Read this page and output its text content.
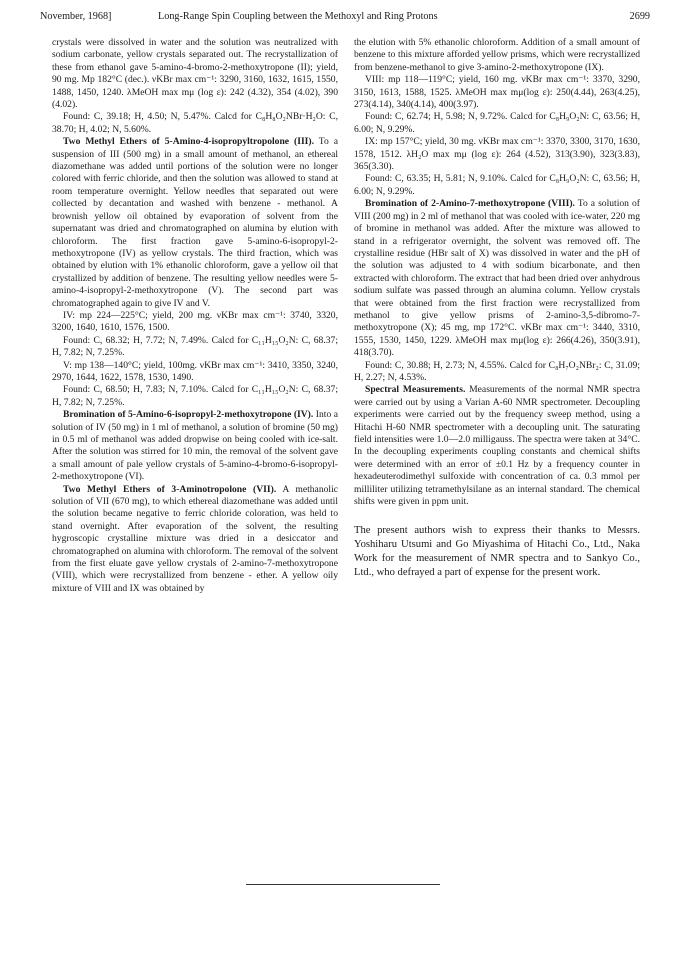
November, 1968]	Long-Range Spin Coupling between the Methoxyl and Ring Protons	2699

crystals were dissolved in water and the solution was neutralized with sodium carbonate, yellow crystals separated out. The recrystallization of these from ethanol gave 5-amino-4-bromo-2-methoxytropone (II); yield, 90 mg. Mp 182°C (dec.). νKBr max cm⁻¹: 3290, 3160, 1632, 1615, 1550, 1488, 1450, 1240. λMeOH max mμ (log ε): 242 (4.32), 354 (4.02), 390 (4.02).

Found: C, 39.18; H, 4.50; N, 5.47%. Calcd for C₈H₈O₂NBr·H₂O: C, 38.70; H, 4.02; N, 5.60%.

Two Methyl Ethers of 5-Amino-4-isopropyltropolone (III). To a suspension of III (500 mg) in a small amount of methanol, an ethereal diazomethane was added until portions of the solution were no longer colored with ferric chloride, and then the solution was allowed to stand at room temperature overnight. Yellow needles that separated out were collected by decantation and washed with benzene - methanol. A brownish yellow oil obtained by evaporation of solvent from the supernatant was dried and chromatographed on alumina by elution with chloroform. The first fraction gave 5-amino-6-isopropyl-2-methoxytropone (IV) as yellow crystals. The third fraction, which was obtained by elution with 1% ethanolic chloroform, gave a yellow oil that crystallized by addition of benzene. The resulting yellow needles were 5-amino-4-isopropyl-2-methoxytropone (V). The second part was chromatographed again to give IV and V.

IV: mp 224—225°C; yield, 200 mg. νKBr max cm⁻¹: 3740, 3320, 3200, 1640, 1610, 1576, 1500.

Found: C, 68.32; H, 7.72; N, 7.49%. Calcd for C₁₁H₁₅O₂N: C, 68.37; H, 7.82; N, 7.25%.

V: mp 138—140°C; yield, 100mg. νKBr max cm⁻¹: 3410, 3350, 3240, 2970, 1644, 1622, 1578, 1530, 1490.

Found: C, 68.50; H, 7.83; N, 7.10%. Calcd for C₁₁H₁₅O₂N: C, 68.37; H, 7.82; N, 7.25%.

Bromination of 5-Amino-6-isopropyl-2-methoxytropone (IV). Into a solution of IV (50 mg) in 1 ml of methanol, a solution of bromine (50 mg) in 0.5 ml of methanol was added dropwise on being cooled with ice-salt. After the solution was stirred for 10 min, the removal of the solvent gave a small amount of pale yellow crystals of 5-amino-4-bromo-6-isopropyl-2-methoxytropone (VI).

Two Methyl Ethers of 3-Aminotropolone (VII). A methanolic solution of VII (670 mg), to which ethereal diazomethane was added until the solution became negative to ferric chloride coloration, was held to stand overnight. After evaporation of the solvent, the resulting hygroscopic crystalline mixture was dried in a desiccator and chromatographed on alumina with chloroform. The removal of the solvent from the first eluate gave yellow crystals of 2-amino-7-methoxytropone (VIII), which were recrystallized from benzene - ether. A yellow oily mixture of VIII and IX was obtained by

the elution with 5% ethanolic chloroform. Addition of a small amount of benzene to this mixture afforded yellow prisms, which were recrystallized from benzene-methanol to give 3-amino-2-methoxytropone (IX).

VIII: mp 118—119°C; yield, 160 mg. νKBr max cm⁻¹: 3370, 3290, 3150, 1613, 1588, 1525. λMeOH max mμ(log ε): 250(4.44), 263(4.25), 273(4.14), 340(4.14), 400(3.97).

Found: C, 62.74; H, 5.98; N, 9.72%. Calcd for C₈H₉O₂N: C, 63.56; H, 6.00; N, 9.29%.

IX: mp 157°C; yield, 30 mg. νKBr max cm⁻¹: 3370, 3300, 3170, 1630, 1578, 1512. λH₂O max mμ (log ε): 264 (4.52), 313(3.90), 323(3.83), 365(3.30).

Found: C, 63.35; H, 5.81; N, 9.10%. Calcd for C₈H₉O₂N: C, 63.56; H, 6.00; N, 9.29%.

Bromination of 2-Amino-7-methoxytropone (VIII). To a solution of VIII (200 mg) in 2 ml of methanol that was cooled with ice-water, 220 mg of bromine in methanol was added. After the mixture was allowed to stand in a refrigerator overnight, the solvent was removed off. The crystalline residue (HBr salt of X) was dissolved in water and the pH of the solution was adjusted to 4 with sodium bicarbonate, and then extracted with chloroform. The extract that had been dried over anhydrous sodium sulfate was passed through an alumina column. Yellow crystals that were obtained from the first fraction were recrystallized from methanol to give yellow prisms of 2-amino-3,5-dibromo-7-methoxytropone (X); 45 mg, mp 172°C. νKBr max cm⁻¹: 3440, 3310, 1555, 1530, 1450, 1229. λMeOH max mμ(log ε): 266(4.26), 350(3.91), 418(3.70).

Found: C, 30.88; H, 2.73; N, 4.55%. Calcd for C₈H₇O₂NBr₂: C, 31.09; H, 2.27; N, 4.53%.

Spectral Measurements. Measurements of the normal NMR spectra were carried out by using a Varian A-60 NMR spectrometer. Decoupling experiments were carried out by the frequency sweep method, using a Hitachi H-60 NMR spectrometer with a decoupling unit. The saturating field intensities were 1.0—2.0 milligauss. The spectra were taken at 34°C. In the decoupling experiments coupling constants and chemical shifts were determined with an error of ±0.1 Hz by a frequency counter in hexadeuterodimethyl sulfoxide with concentration of ca. 0.3 mmol per milliliter utilizing tetramethylsilane as an internal standard. The chemical shifts were given in ppm unit.

The present authors wish to express their thanks to Messrs. Yoshiharu Utsumi and Go Miyashima of Hitachi Co., Ltd., Naka Work for the measurement of NMR spectra and to Sankyo Co., Ltd., who defrayed a part of expense for the present work.
